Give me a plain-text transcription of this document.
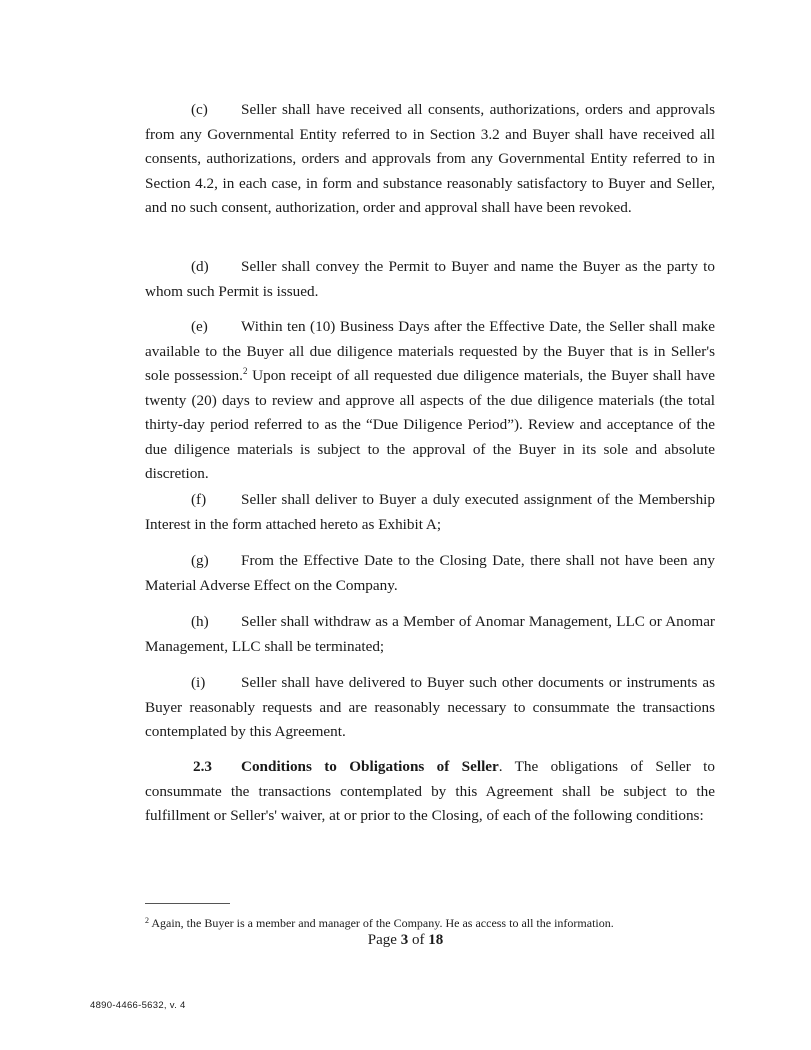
(c) Seller shall have received all consents, authorizations, orders and approvals from any Governmental Entity referred to in Section 3.2 and Buyer shall have received all consents, authorizations, orders and approvals from any Governmental Entity referred to in Section 4.2, in each case, in form and substance reasonably satisfactory to Buyer and Seller, and no such consent, authorization, order and approval shall have been revoked.

(d) Seller shall convey the Permit to Buyer and name the Buyer as the party to whom such Permit is issued.

(e) Within ten (10) Business Days after the Effective Date, the Seller shall make available to the Buyer all due diligence materials requested by the Buyer that is in Seller's sole possession.$^2$ Upon receipt of all requested due diligence materials, the Buyer shall have twenty (20) days to review and approve all aspects of the due diligence materials (the total thirty-day period referred to as the “Due Diligence Period”). Review and acceptance of the due diligence materials is subject to the approval of the Buyer in its sole and absolute discretion.

(f) Seller shall deliver to Buyer a duly executed assignment of the Membership Interest in the form attached hereto as Exhibit A;

(g) From the Effective Date to the Closing Date, there shall not have been any Material Adverse Effect on the Company.

(h) Seller shall withdraw as a Member of Anomar Management, LLC or Anomar Management, LLC shall be terminated;

(i) Seller shall have delivered to Buyer such other documents or instruments as Buyer reasonably requests and are reasonably necessary to consummate the transactions contemplated by this Agreement.

2.3 Conditions to Obligations of Seller. The obligations of Seller to consummate the transactions contemplated by this Agreement shall be subject to the fulfillment or Seller's' waiver, at or prior to the Closing, of each of the following conditions:

$^2$ Again, the Buyer is a member and manager of the Company. He as access to all the information.

Page 3 of 18

4890-4466-5632, v. 4
